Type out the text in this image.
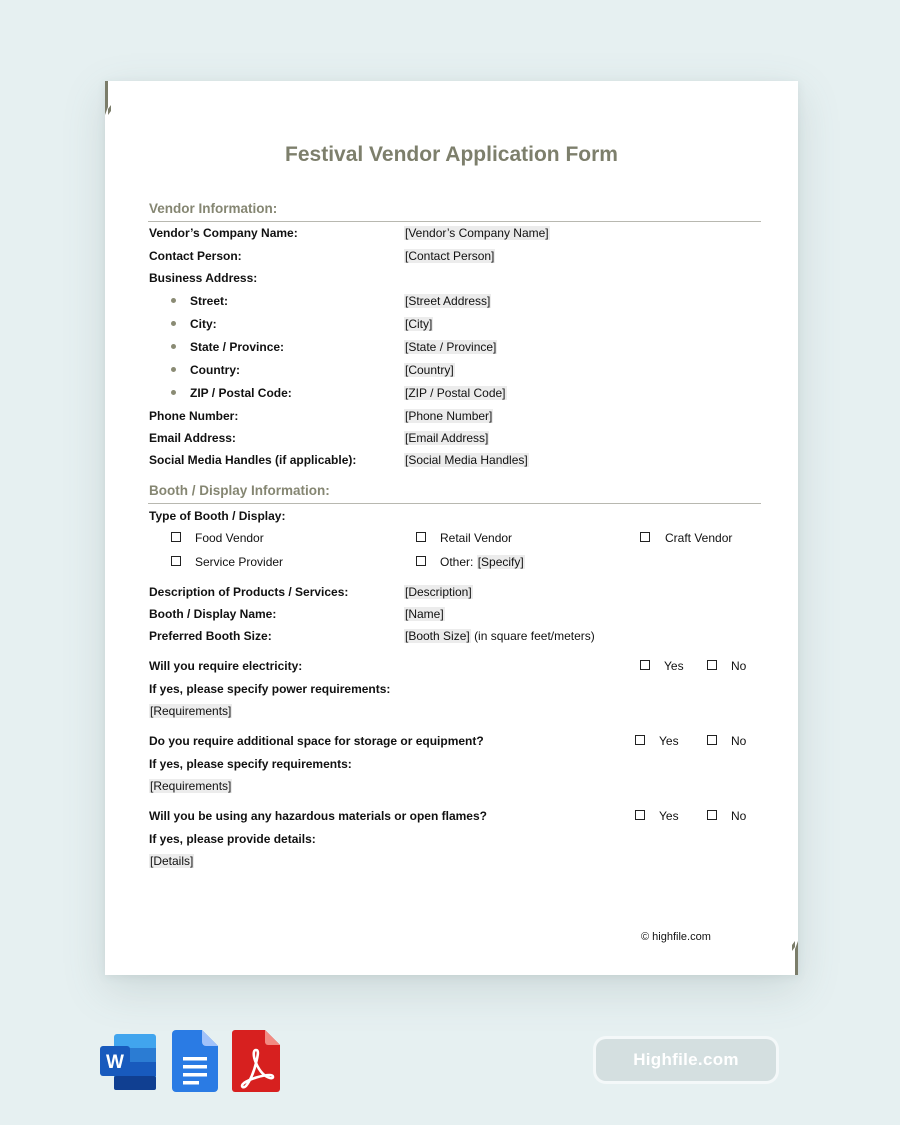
Festival Vendor Application Form
Vendor Information:
Vendor’s Company Name:	[Vendor’s Company Name]
Contact Person:	[Contact Person]
Business Address:
Street:	[Street Address]
City:	[City]
State / Province:	[State / Province]
Country:	[Country]
ZIP / Postal Code:	[ZIP / Postal Code]
Phone Number:	[Phone Number]
Email Address:	[Email Address]
Social Media Handles (if applicable):	[Social Media Handles]
Booth / Display Information:
Type of Booth / Display:
Food Vendor	Retail Vendor	Craft Vendor
Service Provider	Other: [Specify]
Description of Products / Services:	[Description]
Booth / Display Name:	[Name]
Preferred Booth Size:	[Booth Size] (in square feet/meters)
Will you require electricity:	Yes	No
If yes, please specify power requirements:
[Requirements]
Do you require additional space for storage or equipment?	Yes	No
If yes, please specify requirements:
[Requirements]
Will you be using any hazardous materials or open flames?	Yes	No
If yes, please provide details:
[Details]
© highfile.com
W	Highfile.com
